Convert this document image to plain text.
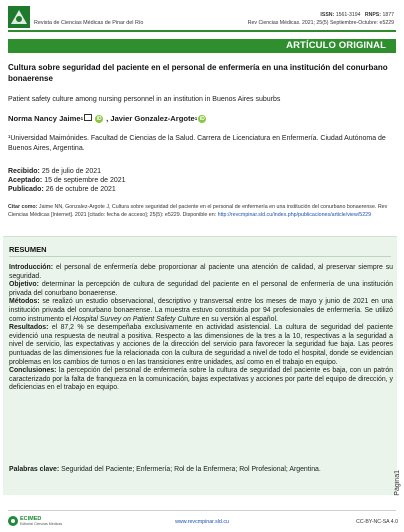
Revista de Ciencias Médicas de Pinar del Río
ISSN: 1561-3194 RNPS: 1877
Rev Ciencias Médicas. 2021; 25(5) Septiembre-Octubre: e5229
ARTÍCULO ORIGINAL
Cultura sobre seguridad del paciente en el personal de enfermería en una institución del conurbano bonaerense
Patient safety culture among nursing personnel in an institution in Buenos Aires suburbs
Norma Nancy Jaime 1	iD , Javier Gonzalez-Argote 1 iD
¹Universidad Maimónides. Facultad de Ciencias de la Salud. Carrera de Licenciatura en Enfermería. Ciudad Autónoma de Buenos Aires, Argentina.
Recibido: 25 de julio de 2021
Aceptado: 15 de septiembre de 2021
Publicado: 26 de octubre de 2021
Citar como: Jaime NN, Gonzalez-Argote J, Cultura sobre seguridad del paciente en el personal de enfermería en una institución del conurbano bonaerense. Rev Ciencias Médicas [Internet]. 2021 [citado: fecha de acceso]; 25(5): e5229. Disponible en: http://revcmpinar.sld.cu/index.php/publicaciones/article/view/5229
RESUMEN

Introducción: el personal de enfermería debe proporcionar al paciente una atención de calidad, al preservar siempre su seguridad.

Objetivo: determinar la percepción de cultura de seguridad del paciente en el personal de enfermería de una institución privada del conurbano bonaerense.

Métodos: se realizó un estudio observacional, descriptivo y transversal entre los meses de mayo y junio de 2021 en una institución privada del conurbano bonaerense. La muestra estuvo constituida por 94 profesionales de enfermería. Se utilizó como instrumento el Hospital Survey on Patient Safety Culture en su versión al español.

Resultados: el 87,2 % se desempeñaba exclusivamente en actividad asistencial. La cultura de seguridad del paciente evidenció una respuesta de neutral a positiva. Respecto a las dimensiones de la tres a la 10, respectivas a la seguridad a nivel de servicio, las expectativas y acciones de la dirección del servicio para favorecer la seguridad fue baja. Las peores puntuadas de las dimensiones fue la relacionada con la cultura de seguridad a nivel de todo el hospital, donde se evidencian problemas en los cambios de turnos o en las transiciones entre unidades, así como en el trabajo en equipo.

Conclusiones: la percepción del personal de enfermería sobre la cultura de seguridad del paciente es baja, con un patrón caracterizado por la falta de franqueza en la comunicación, bajas expectativas y acciones por parte del equipo de dirección, y deficiencias en el trabajo en equipo.

Palabras clave: Seguridad del Paciente; Enfermería; Rol de la Enfermera; Rol Profesional; Argentina.
Página1
ECIMED
Editorial Ciencias Médicas	www.revcmpinar.sld.cu	CC-BY-NC-SA 4.0
